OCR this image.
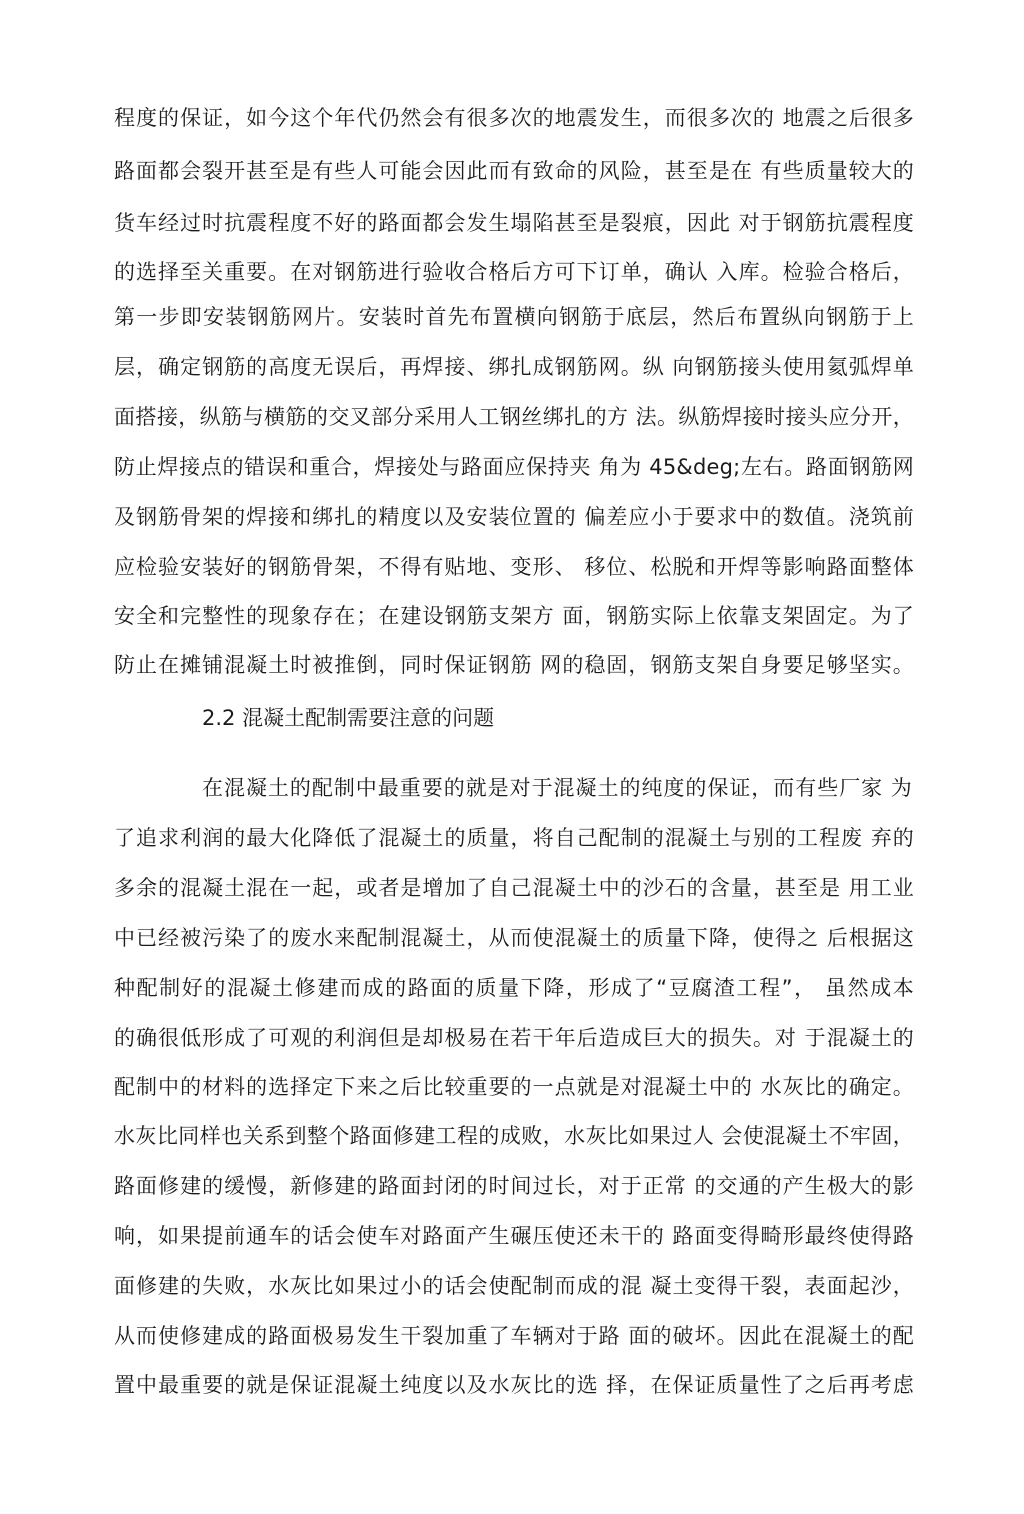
程度的保证，如今这个年代仍然会有很多次的地震发生，而很多次的 地震之后很多
路面都会裂开甚至是有些人可能会因此而有致命的风险，甚至是在 有些质量较大的
货车经过时抗震程度不好的路面都会发生塌陷甚至是裂痕，因此 对于钢筋抗震程度
的选择至关重要。在对钢筋进行验收合格后方可下订单，确认 入库。检验合格后，
第一步即安装钢筋网片。安装时首先布置横向钢筋于底层，然后布置纵向钢筋于上
层，确定钢筋的高度无误后，再焊接、绑扎成钢筋网。纵 向钢筋接头使用氦弧焊单
面搭接，纵筋与横筋的交叉部分采用人工钢丝绑扎的方 法。纵筋焊接时接头应分开，
防止焊接点的错误和重合，焊接处与路面应保持夹 角为 45&deg;左右。路面钢筋网
及钢筋骨架的焊接和绑扎的精度以及安装位置的 偏差应小于要求中的数值。浇筑前
应检验安装好的钢筋骨架，不得有贴地、变形、 移位、松脱和开焊等影响路面整体
安全和完整性的现象存在；在建设钢筋支架方 面，钢筋实际上依靠支架固定。为了
防止在摊铺混凝土时被推倒，同时保证钢筋 网的稳固，钢筋支架自身要足够坚实。
2.2 混凝土配制需要注意的问题
在混凝土的配制中最重要的就是对于混凝土的纯度的保证，而有些厂家 为
了追求利润的最大化降低了混凝土的质量，将自己配制的混凝土与别的工程废 弃的
多余的混凝土混在一起，或者是增加了自己混凝土中的沙石的含量，甚至是 用工业
中已经被污染了的废水来配制混凝土，从而使混凝土的质量下降，使得之 后根据这
种配制好的混凝土修建而成的路面的质量下降，形成了“豆腐渣工程”， 虽然成本
的确很低形成了可观的利润但是却极易在若干年后造成巨大的损失。对 于混凝土的
配制中的材料的选择定下来之后比较重要的一点就是对混凝土中的 水灰比的确定。
水灰比同样也关系到整个路面修建工程的成败，水灰比如果过人 会使混凝土不牢固，
路面修建的缓慢，新修建的路面封闭的时间过长，对于正常 的交通的产生极大的影
响，如果提前通车的话会使车对路面产生碾压使还未干的 路面变得畸形最终使得路
面修建的失败，水灰比如果过小的话会使配制而成的混 凝土变得干裂，表面起沙，
从而使修建成的路面极易发生干裂加重了车辆对于路 面的破坏。因此在混凝土的配
置中最重要的就是保证混凝土纯度以及水灰比的选 择，在保证质量性了之后再考虑
